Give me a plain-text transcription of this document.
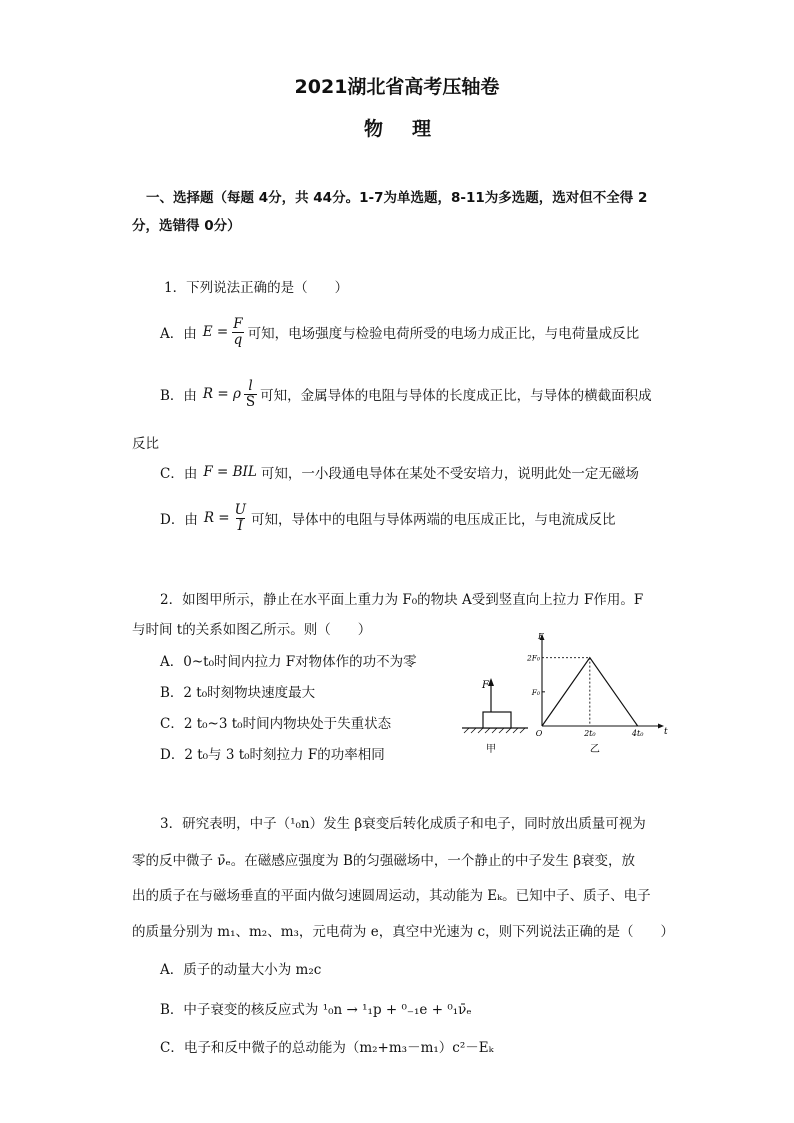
2021湖北省高考压轴卷
物 理
一、选择题（每题 4分，共 44分。1-7为单选题，8-11为多选题，选对但不全得 2
分，选错得 0分）
1．下列说法正确的是（　　）
A．由 $E = \frac{F}{q}$ 可知，电场强度与检验电荷所受的电场力成正比，与电荷量成反比
B．由 R = ρ $\frac{l}{S}$ 可知，金属导体的电阻与导体的长度成正比，与导体的横截面积成
反比
C．由 F = BIL 可知，一小段通电导体在某处不受安培力，说明此处一定无磁场
D．由 $R = \frac{U}{I}$ 可知，导体中的电阻与导体两端的电压成正比，与电流成反比
2．如图甲所示，静止在水平面上重力为 F₀的物块 A受到竖直向上拉力 F作用。F
与时间 t的关系如图乙所示。则（　　）
A．0~t₀时间内拉力 F对物体作的功不为零
B．2 t₀时刻物块速度最大
C．2 t₀~3 t₀时间内物块处于失重状态
D．2 t₀与 3 t₀时刻拉力 F的功率相同
F
甲
F
t
2F₀
F₀
O	2t₀	4t₀
乙
3．研究表明，中子（¹₀n）发生 β衰变后转化成质子和电子，同时放出质量可视为
零的反中微子 ν̄ₑ。在磁感应强度为 B的匀强磁场中，一个静止的中子发生 β衰变，放
出的质子在与磁场垂直的平面内做匀速圆周运动，其动能为 Eₖ。已知中子、质子、电子
的质量分别为 m₁、m₂、m₃，元电荷为 e，真空中光速为 c，则下列说法正确的是（　　）
A．质子的动量大小为 m₂c
B．中子衰变的核反应式为 ¹₀n → ¹₁p + ⁰₋₁e + ⁰₁ν̄ₑ
C．电子和反中微子的总动能为（m₂+m₃－m₁）c²－Eₖ
